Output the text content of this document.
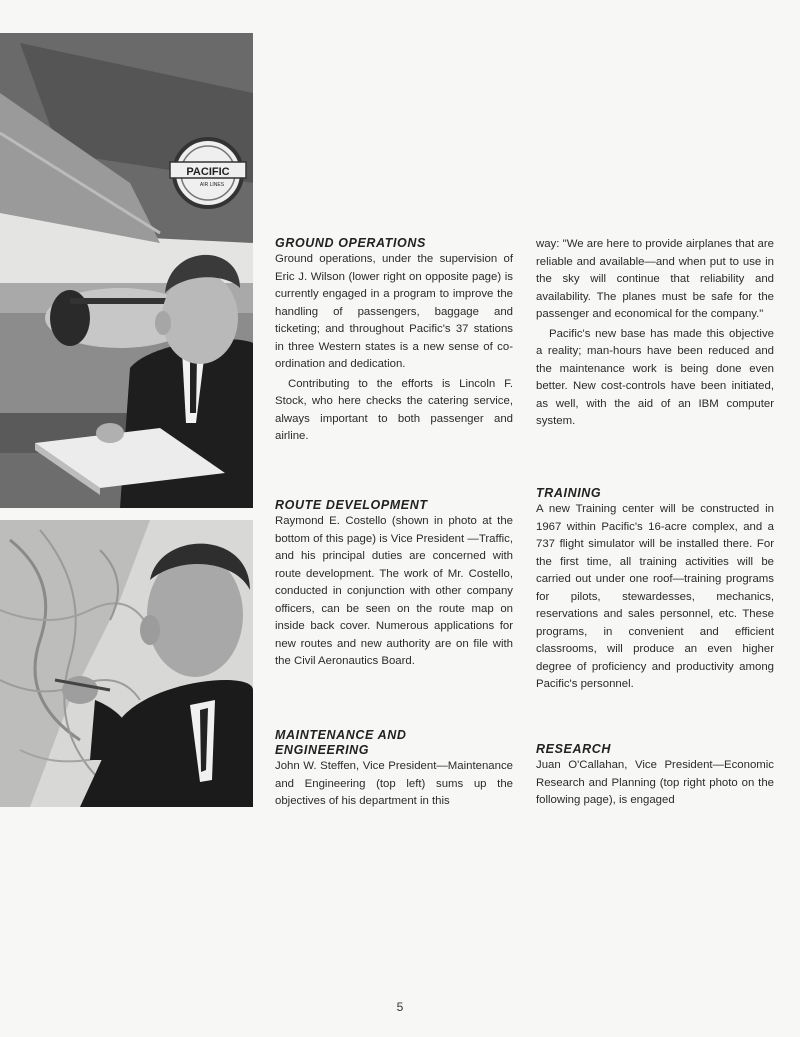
PACIFIC
AIR LINES
GROUND OPERATIONS

Ground operations, under the supervision of Eric J. Wilson (lower right on opposite page) is currently engaged in a program to improve the handling of passengers, baggage and ticketing; and throughout Pacific's 37 stations in three Western states is a new sense of co-ordination and dedication.

Contributing to the efforts is Lincoln F. Stock, who here checks the catering service, always important to both passenger and airline.

ROUTE DEVELOPMENT

Raymond E. Costello (shown in photo at the bottom of this page) is Vice President —Traffic, and his principal duties are concerned with route development. The work of Mr. Costello, conducted in conjunction with other company officers, can be seen on the route map on inside back cover. Numerous applications for new routes and new authority are on file with the Civil Aeronautics Board.

MAINTENANCE AND
ENGINEERING

John W. Steffen, Vice President—Maintenance and Engineering (top left) sums up the objectives of his department in this

way: "We are here to provide airplanes that are reliable and available—and when put to use in the sky will continue that reliability and availability. The planes must be safe for the passenger and economical for the company."

Pacific's new base has made this objective a reality; man-hours have been reduced and the maintenance work is being done even better. New cost-controls have been initiated, as well, with the aid of an IBM computer system.

TRAINING

A new Training center will be constructed in 1967 within Pacific's 16-acre complex, and a 737 flight simulator will be installed there. For the first time, all training activities will be carried out under one roof—training programs for pilots, stewardesses, mechanics, reservations and sales personnel, etc. These programs, in convenient and efficient classrooms, will produce an even higher degree of proficiency and productivity among Pacific's personnel.

RESEARCH

Juan O'Callahan, Vice President—Economic Research and Planning (top right photo on the following page), is engaged

5
